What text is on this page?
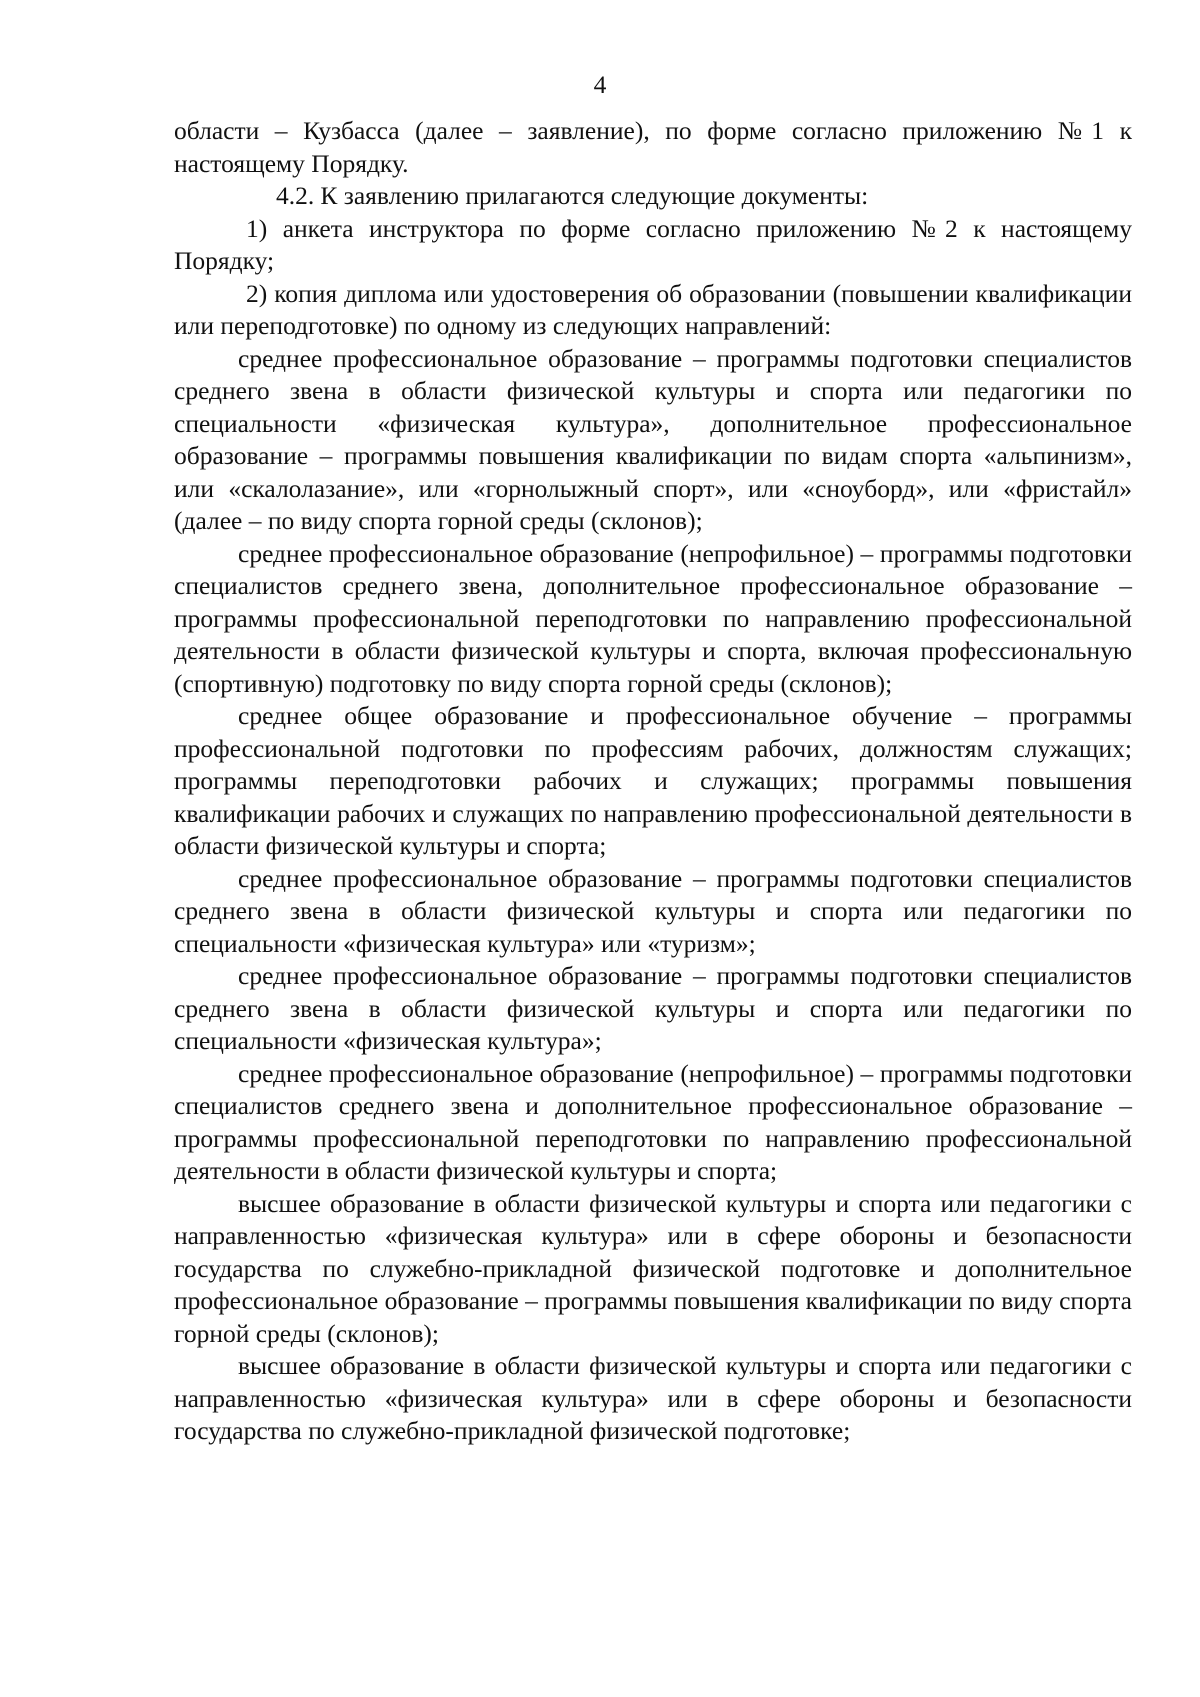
4

области – Кузбасса (далее – заявление), по форме согласно приложению №1 к настоящему Порядку.

4.2. К заявлению прилагаются следующие документы:

1) анкета инструктора по форме согласно приложению №2 к настоящему Порядку;

2) копия диплома или удостоверения об образовании (повышении квалификации или переподготовке) по одному из следующих направлений:

среднее профессиональное образование – программы подготовки специалистов среднего звена в области физической культуры и спорта или педагогики по специальности «физическая культура», дополнительное профессиональное образование – программы повышения квалификации по видам спорта «альпинизм», или «скалолазание», или «горнолыжный спорт», или «сноуборд», или «фристайл» (далее – по виду спорта горной среды (склонов);

среднее профессиональное образование (непрофильное) – программы подготовки специалистов среднего звена, дополнительное профессиональное образование – программы профессиональной переподготовки по направлению профессиональной деятельности в области физической культуры и спорта, включая профессиональную (спортивную) подготовку по виду спорта горной среды (склонов);

среднее общее образование и профессиональное обучение – программы профессиональной подготовки по профессиям рабочих, должностям служащих; программы переподготовки рабочих и служащих; программы повышения квалификации рабочих и служащих по направлению профессиональной деятельности в области физической культуры и спорта;

среднее профессиональное образование – программы подготовки специалистов среднего звена в области физической культуры и спорта или педагогики по специальности «физическая культура» или «туризм»;

среднее профессиональное образование – программы подготовки специалистов среднего звена в области физической культуры и спорта или педагогики по специальности «физическая культура»;

среднее профессиональное образование (непрофильное) – программы подготовки специалистов среднего звена и дополнительное профессиональное образование – программы профессиональной переподготовки по направлению профессиональной деятельности в области физической культуры и спорта;

высшее образование в области физической культуры и спорта или педагогики с направленностью «физическая культура» или в сфере обороны и безопасности государства по служебно-прикладной физической подготовке и дополнительное профессиональное образование – программы повышения квалификации по виду спорта горной среды (склонов);

высшее образование в области физической культуры и спорта или педагогики с направленностью «физическая культура» или в сфере обороны и безопасности государства по служебно-прикладной физической подготовке;
